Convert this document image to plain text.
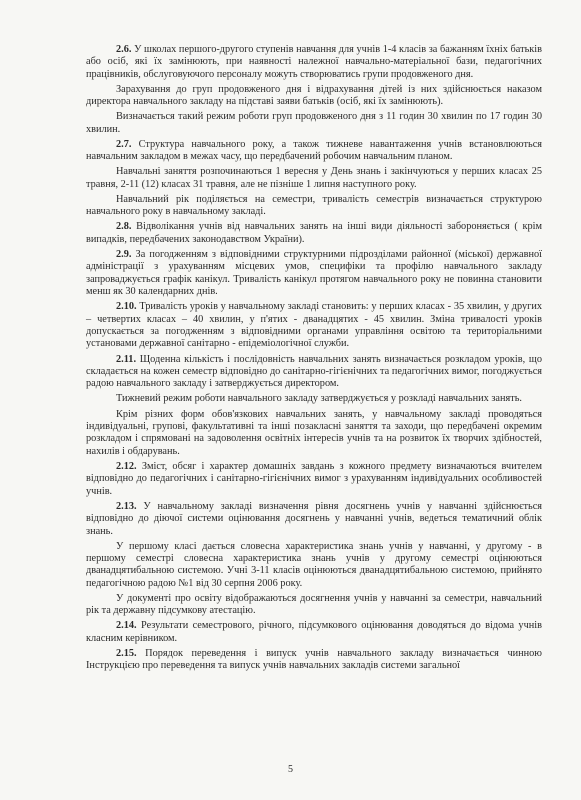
2.6. У школах першого-другого ступенів навчання для учнів 1-4 класів за бажанням їхніх батьків або осіб, які їх замінюють, при наявності належної навчально-матеріальної бази, педагогічних працівників, обслуговуючого персоналу можуть створюватись групи продовженого дня.

Зарахування до груп продовженого дня і відрахування дітей із них здійснюється наказом директора навчального закладу на підставі заяви батьків (осіб, які їх замінюють).

Визначається такий режим роботи груп продовженого дня з 11 годин 30 хвилин по 17 годин 30 хвилин.

2.7. Структура навчального року, а також тижневе навантаження учнів встановлюються навчальним закладом в межах часу, що передбачений робочим навчальним планом.

Навчальні заняття розпочинаються 1 вересня у День знань і закінчуються у перших класах 25 травня, 2-11 (12) класах 31 травня, але не пізніше 1 липня наступного року.

Навчальний рік поділяється на семестри, тривалість семестрів визначається структурою навчального року в навчальному закладі.

2.8. Відволікання учнів від навчальних занять на інші види діяльності забороняється ( крім випадків, передбачених законодавством України).

2.9. За погодженням з відповідними структурними підрозділами районної (міської) державної адміністрації з урахуванням місцевих умов, специфіки та профілю навчального закладу запроваджується графік канікул. Тривалість канікул протягом навчального року не повинна становити менш як 30 календарних днів.

2.10. Тривалість уроків у навчальному закладі становить: у перших класах - 35 хвилин, у других – четвертих класах – 40 хвилин, у п'ятих - дванадцятих - 45 хвилин. Зміна тривалості уроків допускається за погодженням з відповідними органами управління освітою та територіальними установами державної санітарно - епідеміологічної служби.

2.11. Щоденна кількість і послідовність навчальних занять визначається розкладом уроків, що складається на кожен семестр відповідно до санітарно-гігієнічних та педагогічних вимог, погоджується радою навчального закладу і затверджується директором.

Тижневий режим роботи навчального закладу затверджується у розкладі навчальних занять.

Крім різних форм обов'язкових навчальних занять, у навчальному закладі проводяться індивідуальні, групові, факультативні та інші позакласні заняття та заходи, що передбачені окремим розкладом і спрямовані на задоволення освітніх інтересів учнів та на розвиток їх творчих здібностей, нахилів і обдарувань.

2.12. Зміст, обсяг і характер домашніх завдань з кожного предмету визначаються вчителем відповідно до педагогічних і санітарно-гігієнічних вимог з урахуванням індивідуальних особливостей учнів.

2.13. У навчальному закладі визначення рівня досягнень учнів у навчанні здійснюється відповідно до діючої системи оцінювання досягнень у навчанні учнів, ведеться тематичний облік знань.

У першому класі дається словесна характеристика знань учнів у навчанні, у другому - в першому семестрі словесна характеристика знань учнів у другому семестрі оцінюються дванадцятибальною системою. Учні 3-11 класів оцінюються дванадцятибальною системою, прийнято педагогічною радою №1 від 30 серпня 2006 року.

У документі про освіту відображаються досягнення учнів у навчанні за семестри, навчальний рік та державну підсумкову атестацію.

2.14. Результати семестрового, річного, підсумкового оцінювання доводяться до відома учнів класним керівником.

2.15. Порядок переведення і випуск учнів навчального закладу визначається чинною Інструкцією про переведення та випуск учнів навчальних закладів системи загальної

5
